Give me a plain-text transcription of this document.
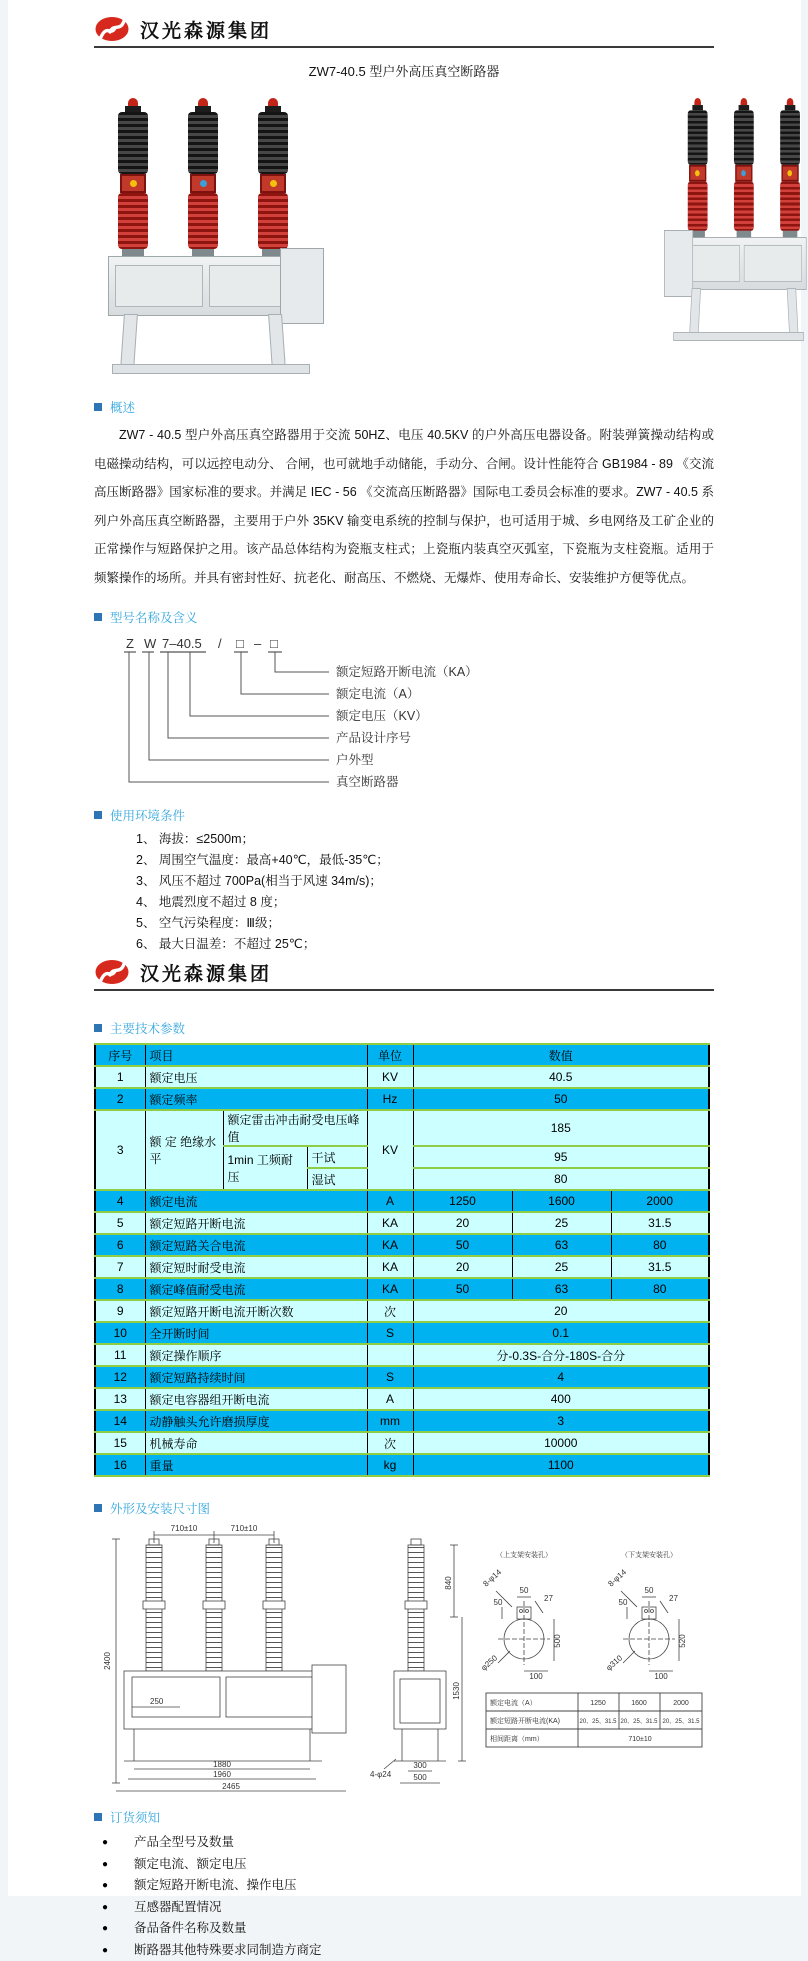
汉光森源集团
ZW7-40.5 型户外高压真空断路器
概述

ZW7 - 40.5 型户外高压真空路器用于交流 50HZ、电压 40.5KV 的户外高压电器设备。附装弹簧操动结构或电磁操动结构，可以远控电动分、 合闸，也可就地手动储能，手动分、合闸。设计性能符合 GB1984 - 89 《交流高压断路器》国家标准的要求。并满足 IEC - 56 《交流高压断路器》国际电工委员会标准的要求。ZW7 - 40.5 系列户外高压真空断路器，主要用于户外 35KV 输变电系统的控制与保护，也可适用于城、乡电网络及工矿企业的正常操作与短路保护之用。该产品总体结构为瓷瓶支柱式；上瓷瓶内装真空灭弧室，下瓷瓶为支柱瓷瓶。适用于频繁操作的场所。并具有密封性好、抗老化、耐高压、不燃烧、无爆炸、使用寿命长、安装维护方便等优点。

型号名称及含义
Z W 7–40.5 / □ – □
额定短路开断电流（KA）
额定电流（A）
额定电压（KV）
产品设计序号
户外型
真空断路器
使用环境条件
1、 海拔：≤2500m；
2、 周围空气温度：最高+40℃，最低-35℃；
3、 风压不超过 700Pa(相当于风速 34m/s)；
4、 地震烈度不超过 8 度；
5、 空气污染程度：Ⅲ级；
6、 最大日温差：不超过 25℃；
汉光森源集团
主要技术参数
序号	项目			单位	数值		
1	额定电压			KV	40.5		
2	额定频率			Hz	50		
3	额 定 绝缘水平	额定雷击冲击耐受电压峰值		KV	185		
		1min 工频耐压	干试		95		
			湿试		80		
4	额定电流			A	1250	1600	2000
5	额定短路开断电流			KA	20	25	31.5
6	额定短路关合电流			KA	50	63	80
7	额定短时耐受电流			KA	20	25	31.5
8	额定峰值耐受电流			KA	50	63	80
9	额定短路开断电流开断次数			次	20		
10	全开断时间			S	0.1		
11	额定操作顺序				分-0.3S-合分-180S-合分		
12	额定短路持续时间			S	4		
13	额定电容器组开断电流			A	400		
14	动静触头允许磨损厚度			mm	3		
15	机械寿命			次	10000		
16	重量			kg	1100		
外形及安装尺寸图
710±10	710±10
2400
250
1880
1960
2465
840
1530
300
500
4-φ24
（上支架安装孔）
50
27
50
500
100
8-φ14
φ250
（下支架安装孔）
50
27
50
520
100
8-φ14
φ310
额定电流（A）	1250	1600	2000
额定短路开断电流(KA)	20、25、31.5 20、25、31.5 20、25、31.5
相间距离（mm）	710±10
订货须知
● 产品全型号及数量
● 额定电流、额定电压
● 额定短路开断电流、操作电压
● 互感器配置情况
● 备品备件名称及数量
● 断路器其他特殊要求同制造方商定
